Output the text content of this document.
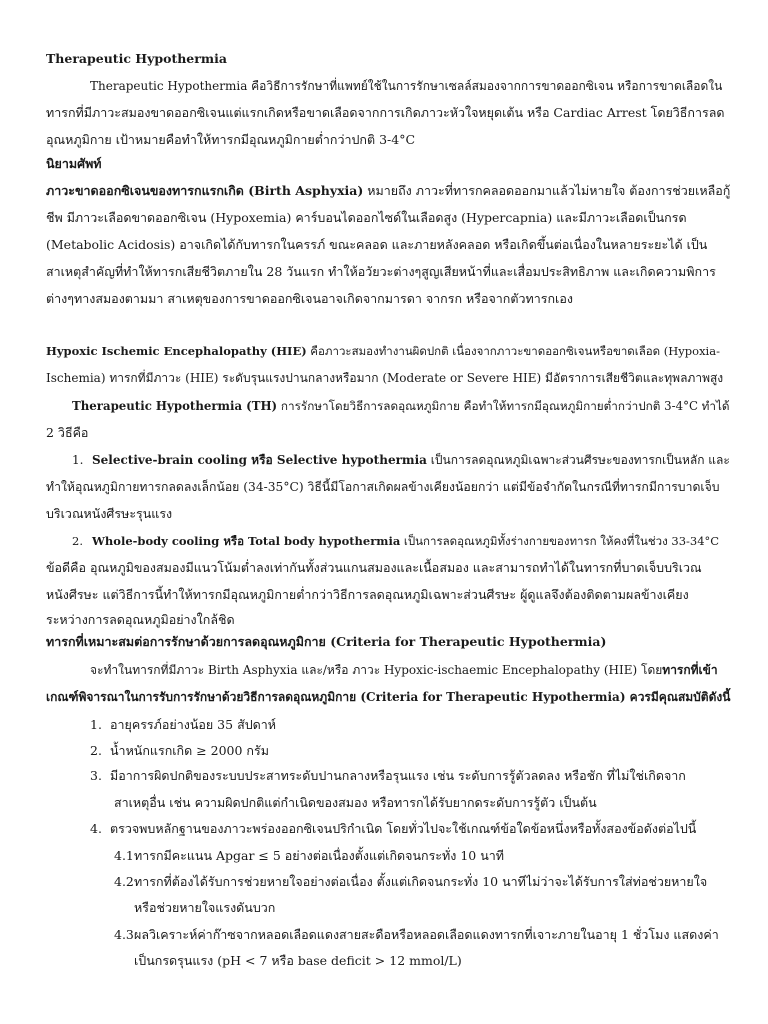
Therapeutic Hypothermia
Therapeutic Hypothermia คือวิธีการรักษาที่แพทย์ใช้ในการรักษาเซลล์สมองจากการขาดออกซิเจน หรือการขาดเลือดใน
ทารกที่มีภาวะสมองขาดออกซิเจนแต่แรกเกิดหรือขาดเลือดจากการเกิดภาวะหัวใจหยุดเต้น หรือ Cardiac Arrest โดยวิธีการลด
อุณหภูมิกาย เป้าหมายคือทำให้ทารกมีอุณหภูมิกายต่ำกว่าปกติ 3-4°C
นิยามศัพท์
ภาวะขาดออกซิเจนของทารกแรกเกิด (Birth Asphyxia) หมายถึง ภาวะที่ทารกคลอดออกมาแล้วไม่หายใจ ต้องการช่วยเหลือกู้
ชีพ มีภาวะเลือดขาดออกซิเจน (Hypoxemia) คาร์บอนไดออกไซด์ในเลือดสูง (Hypercapnia) และมีภาวะเลือดเป็นกรด
(Metabolic Acidosis) อาจเกิดได้กับทารกในครรภ์ ขณะคลอด และภายหลังคลอด หรือเกิดขึ้นต่อเนื่องในหลายระยะได้ เป็น
สาเหตุสำคัญที่ทำให้ทารกเสียชีวิตภายใน 28 วันแรก ทำให้อวัยวะต่างๆสูญเสียหน้าที่และเสื่อมประสิทธิภาพ และเกิดความพิการ
ต่างๆทางสมองตามมา สาเหตุของการขาดออกซิเจนอาจเกิดจากมารดา จากรก หรือจากตัวทารกเอง
Hypoxic Ischemic Encephalopathy (HIE) คือภาวะสมองทำงานผิดปกติ เนื่องจากภาวะขาดออกซิเจนหรือขาดเลือด (Hypoxia-
Ischemia) ทารกที่มีภาวะ (HIE) ระดับรุนแรงปานกลางหรือมาก (Moderate or Severe HIE) มีอัตราการเสียชีวิตและทุพลภาพสูง
Therapeutic Hypothermia (TH) การรักษาโดยวิธีการลดอุณหภูมิกาย คือทำให้ทารกมีอุณหภูมิกายต่ำกว่าปกติ 3-4°C ทำได้
2 วิธีคือ
1. Selective-brain cooling หรือ Selective hypothermia เป็นการลดอุณหภูมิเฉพาะส่วนศีรษะของทารกเป็นหลัก และ
ทำให้อุณหภูมิกายทารกลดลงเล็กน้อย (34-35°C) วิธีนี้มีโอกาสเกิดผลข้างเคียงน้อยกว่า แต่มีข้อจำกัดในกรณีที่ทารกมีการบาดเจ็บ
บริเวณหนังศีรษะรุนแรง
2. Whole-body cooling หรือ Total body hypothermia เป็นการลดอุณหภูมิทั้งร่างกายของทารก ให้คงที่ในช่วง 33-34°C
ข้อดีคือ อุณหภูมิของสมองมีแนวโน้มต่ำลงเท่ากันทั้งส่วนแกนสมองและเนื้อสมอง และสามารถทำได้ในทารกที่บาดเจ็บบริเวณ
หนังศีรษะ แต่วิธีการนี้ทำให้ทารกมีอุณหภูมิกายต่ำกว่าวิธีการลดอุณหภูมิเฉพาะส่วนศีรษะ ผู้ดูแลจึงต้องติดตามผลข้างเคียง
ระหว่างการลดอุณหภูมิอย่างใกล้ชิด
ทารกที่เหมาะสมต่อการรักษาด้วยการลดอุณหภูมิกาย (Criteria for Therapeutic Hypothermia)
จะทำในทารกที่มีภาวะ Birth Asphyxia และ/หรือ ภาวะ Hypoxic-ischaemic Encephalopathy (HIE) โดยทารกที่เข้า
เกณฑ์พิจารณาในการรับการรักษาด้วยวิธีการลดอุณหภูมิกาย (Criteria for Therapeutic Hypothermia) ควรมีคุณสมบัติดังนี้
1. อายุครรภ์อย่างน้อย 35 สัปดาห์
2. น้ำหนักแรกเกิด ≥ 2000 กรัม
3. มีอาการผิดปกติของระบบประสาทระดับปานกลางหรือรุนแรง เช่น ระดับการรู้ตัวลดลง หรือชัก ที่ไม่ใช่เกิดจาก
สาเหตุอื่น เช่น ความผิดปกติแต่กำเนิดของสมอง หรือทารกได้รับยากดระดับการรู้ตัว เป็นต้น
4. ตรวจพบหลักฐานของภาวะพร่องออกซิเจนปริกำเนิด โดยทั่วไปจะใช้เกณฑ์ข้อใดข้อหนึ่งหรือทั้งสองข้อดังต่อไปนี้
4.1ทารกมีคะแนน Apgar ≤ 5 อย่างต่อเนื่องตั้งแต่เกิดจนกระทั่ง 10 นาที
4.2ทารกที่ต้องได้รับการช่วยหายใจอย่างต่อเนื่อง ตั้งแต่เกิดจนกระทั่ง 10 นาทีไม่ว่าจะได้รับการใส่ท่อช่วยหายใจ
หรือช่วยหายใจแรงดันบวก
4.3ผลวิเคราะห์ค่าก๊าซจากหลอดเลือดแดงสายสะดือหรือหลอดเลือดแดงทารกที่เจาะภายในอายุ 1 ชั่วโมง แสดงค่า
เป็นกรดรุนแรง (pH < 7 หรือ base deficit > 12 mmol/L)
